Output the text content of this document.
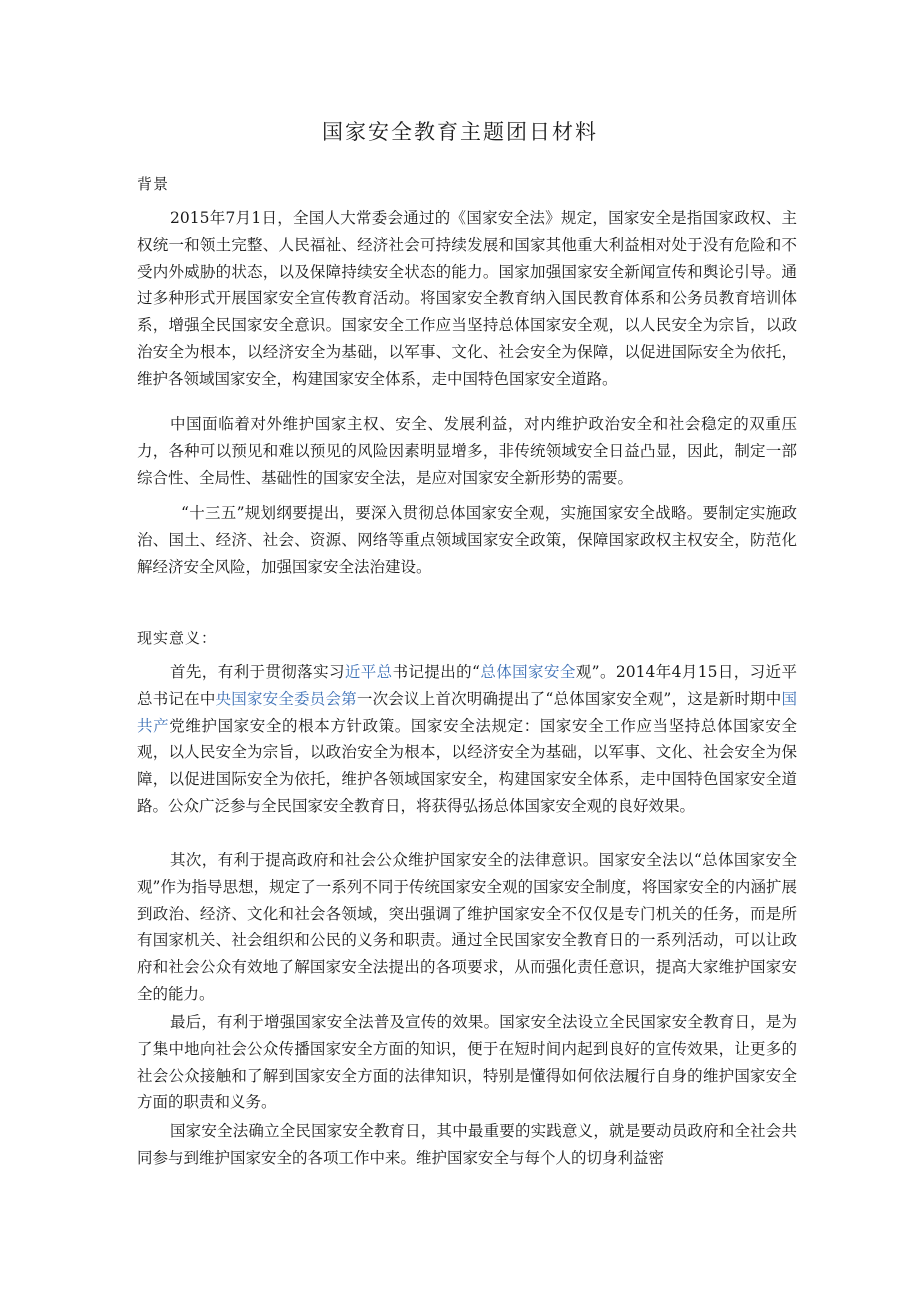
国家安全教育主题团日材料
背景

2015年7月1日，全国人大常委会通过的《国家安全法》规定，国家安全是指国家政权、主权统一和领土完整、人民福祉、经济社会可持续发展和国家其他重大利益相对处于没有危险和不受内外威胁的状态，以及保障持续安全状态的能力。国家加强国家安全新闻宣传和舆论引导。通过多种形式开展国家安全宣传教育活动。将国家安全教育纳入国民教育体系和公务员教育培训体系，增强全民国家安全意识。国家安全工作应当坚持总体国家安全观，以人民安全为宗旨，以政治安全为根本，以经济安全为基础，以军事、文化、社会安全为保障，以促进国际安全为依托，维护各领域国家安全，构建国家安全体系，走中国特色国家安全道路。

中国面临着对外维护国家主权、安全、发展利益，对内维护政治安全和社会稳定的双重压力，各种可以预见和难以预见的风险因素明显增多，非传统领域安全日益凸显，因此，制定一部综合性、全局性、基础性的国家安全法，是应对国家安全新形势的需要。

“十三五”规划纲要提出，要深入贯彻总体国家安全观，实施国家安全战略。要制定实施政治、国土、经济、社会、资源、网络等重点领域国家安全政策，保障国家政权主权安全，防范化解经济安全风险，加强国家安全法治建设。

现实意义：

首先，有利于贯彻落实习近平总书记提出的“总体国家安全观”。2014年4月15日，习近平总书记在中央国家安全委员会第一次会议上首次明确提出了“总体国家安全观”，这是新时期中国共产党维护国家安全的根本方针政策。国家安全法规定：国家安全工作应当坚持总体国家安全观，以人民安全为宗旨，以政治安全为根本，以经济安全为基础，以军事、文化、社会安全为保障，以促进国际安全为依托，维护各领域国家安全，构建国家安全体系，走中国特色国家安全道路。公众广泛参与全民国家安全教育日，将获得弘扬总体国家安全观的良好效果。

其次，有利于提高政府和社会公众维护国家安全的法律意识。国家安全法以“总体国家安全观”作为指导思想，规定了一系列不同于传统国家安全观的国家安全制度，将国家安全的内涵扩展到政治、经济、文化和社会各领域，突出强调了维护国家安全不仅仅是专门机关的任务，而是所有国家机关、社会组织和公民的义务和职责。通过全民国家安全教育日的一系列活动，可以让政府和社会公众有效地了解国家安全法提出的各项要求，从而强化责任意识，提高大家维护国家安全的能力。

最后，有利于增强国家安全法普及宣传的效果。国家安全法设立全民国家安全教育日，是为了集中地向社会公众传播国家安全方面的知识，便于在短时间内起到良好的宣传效果，让更多的社会公众接触和了解到国家安全方面的法律知识，特别是懂得如何依法履行自身的维护国家安全方面的职责和义务。

国家安全法确立全民国家安全教育日，其中最重要的实践意义，就是要动员政府和全社会共同参与到维护国家安全的各项工作中来。维护国家安全与每个人的切身利益密
